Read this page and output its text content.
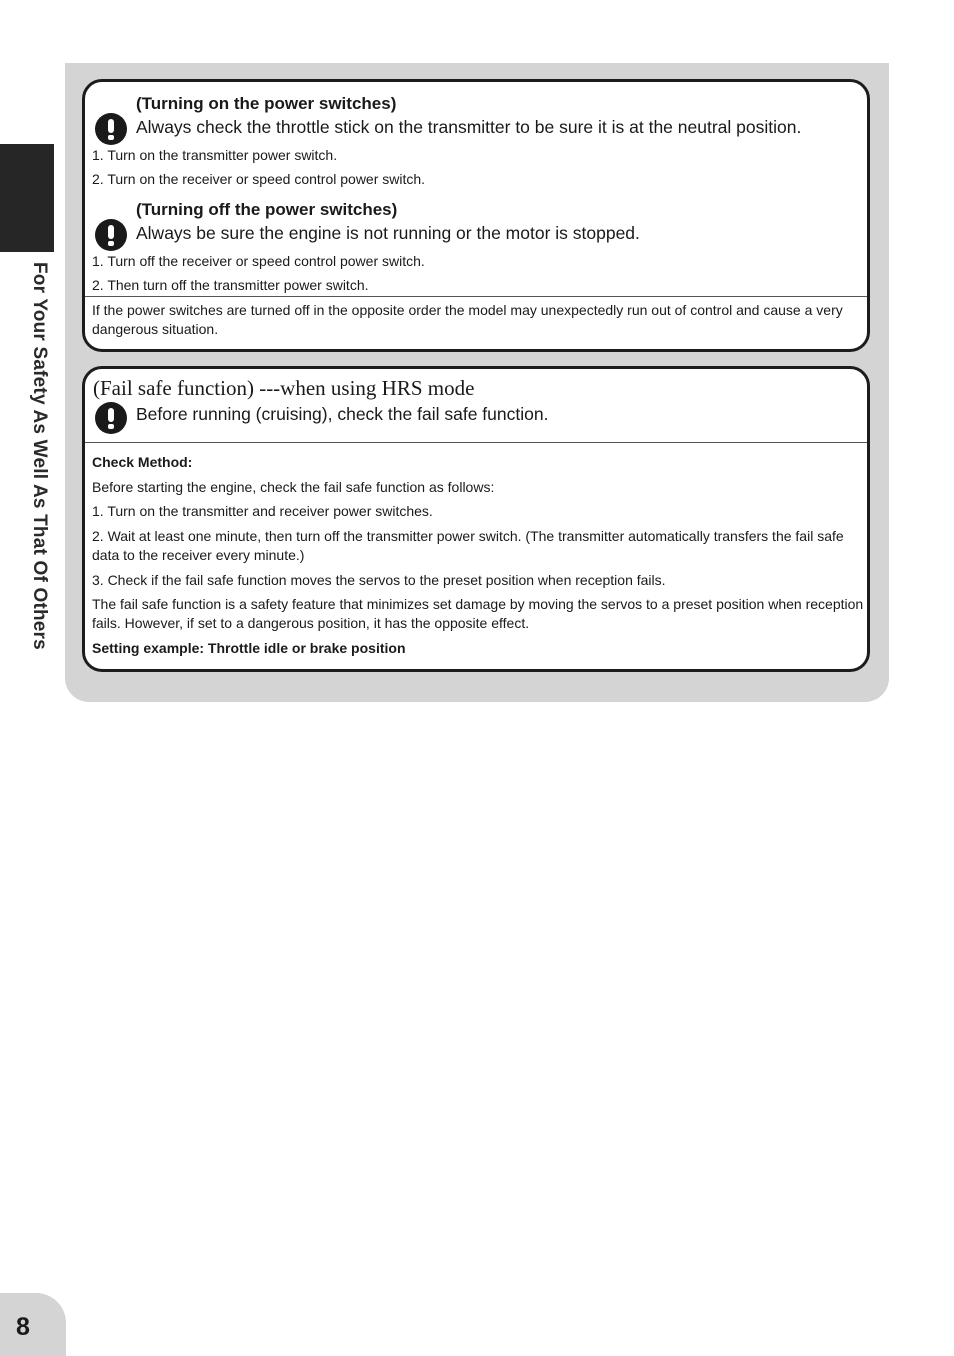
For Your Safety As Well As That Of Others
(Turning on the power switches)
Always check the throttle stick on the transmitter to be sure it is at the neutral position.
1. Turn on the transmitter power switch.
2. Turn on the receiver or speed control power switch.
(Turning off the power switches)
Always be sure the engine is not running or the motor is stopped.
1. Turn off the receiver or speed control power switch.
2. Then turn off the transmitter power switch.
If the power switches are turned off in the opposite order the model may unexpectedly run out of control and cause a very dangerous situation.
(Fail safe function) ---when using HRS mode
Before running (cruising), check the fail safe function.
Check Method:
Before starting the engine, check the fail safe function as follows:
1. Turn on the transmitter and receiver power switches.
2. Wait at least one minute, then turn off the transmitter power switch. (The transmitter automatically transfers the fail safe data to the receiver every minute.)
3. Check if the fail safe function moves the servos to the preset position when reception fails.
The fail safe function is a safety feature that minimizes set damage by moving the servos to a preset position when reception fails. However, if set to a dangerous position, it has the opposite effect.
Setting example: Throttle idle or brake position
8
